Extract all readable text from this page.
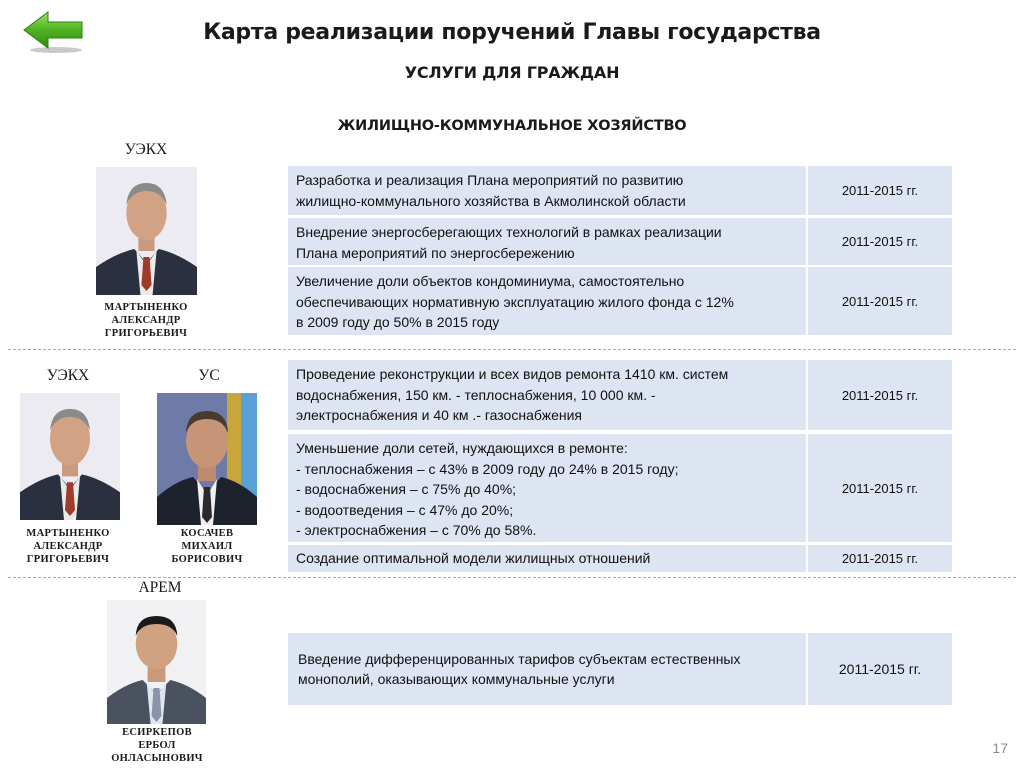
Карта реализации поручений Главы государства
УСЛУГИ ДЛЯ ГРАЖДАН
ЖИЛИЩНО-КОММУНАЛЬНОЕ ХОЗЯЙСТВО
УЭКХ
МАРТЫНЕНКО
АЛЕКСАНДР
ГРИГОРЬЕВИЧ
Разработка и реализация Плана мероприятий по развитию
жилищно-коммунального хозяйства в Акмолинской области
2011-2015 гг.
Внедрение энергосберегающих технологий в рамках реализации
Плана мероприятий по энергосбережению
2011-2015 гг.
Увеличение доли объектов кондоминиума, самостоятельно
обеспечивающих нормативную эксплуатацию жилого фонда с 12%
в 2009 году до 50% в 2015 году
2011-2015 гг.
УЭКХ
МАРТЫНЕНКО
АЛЕКСАНДР
ГРИГОРЬЕВИЧ
УС
КОСАЧЕВ
МИХАИЛ
БОРИСОВИЧ
Проведение реконструкции и всех видов ремонта 1410 км. систем
водоснабжения, 150 км. - теплоснабжения, 10 000 км. -
электроснабжения и 40 км .- газоснабжения
2011-2015 гг.
Уменьшение доли сетей, нуждающихся в ремонте:
- теплоснабжения – с 43% в 2009 году до 24% в 2015 году;
- водоснабжения – с 75% до 40%;
- водоотведения – с 47% до 20%;
- электроснабжения – с 70% до 58%.
2011-2015 гг.
Создание оптимальной модели жилищных отношений	2011-2015 гг.
АРЕМ
ЕСИРКЕПОВ
ЕРБОЛ
ОНЛАСЫНОВИЧ
Введение дифференцированных тарифов субъектам естественных
монополий, оказывающих коммунальные услуги
2011-2015 гг.
17
